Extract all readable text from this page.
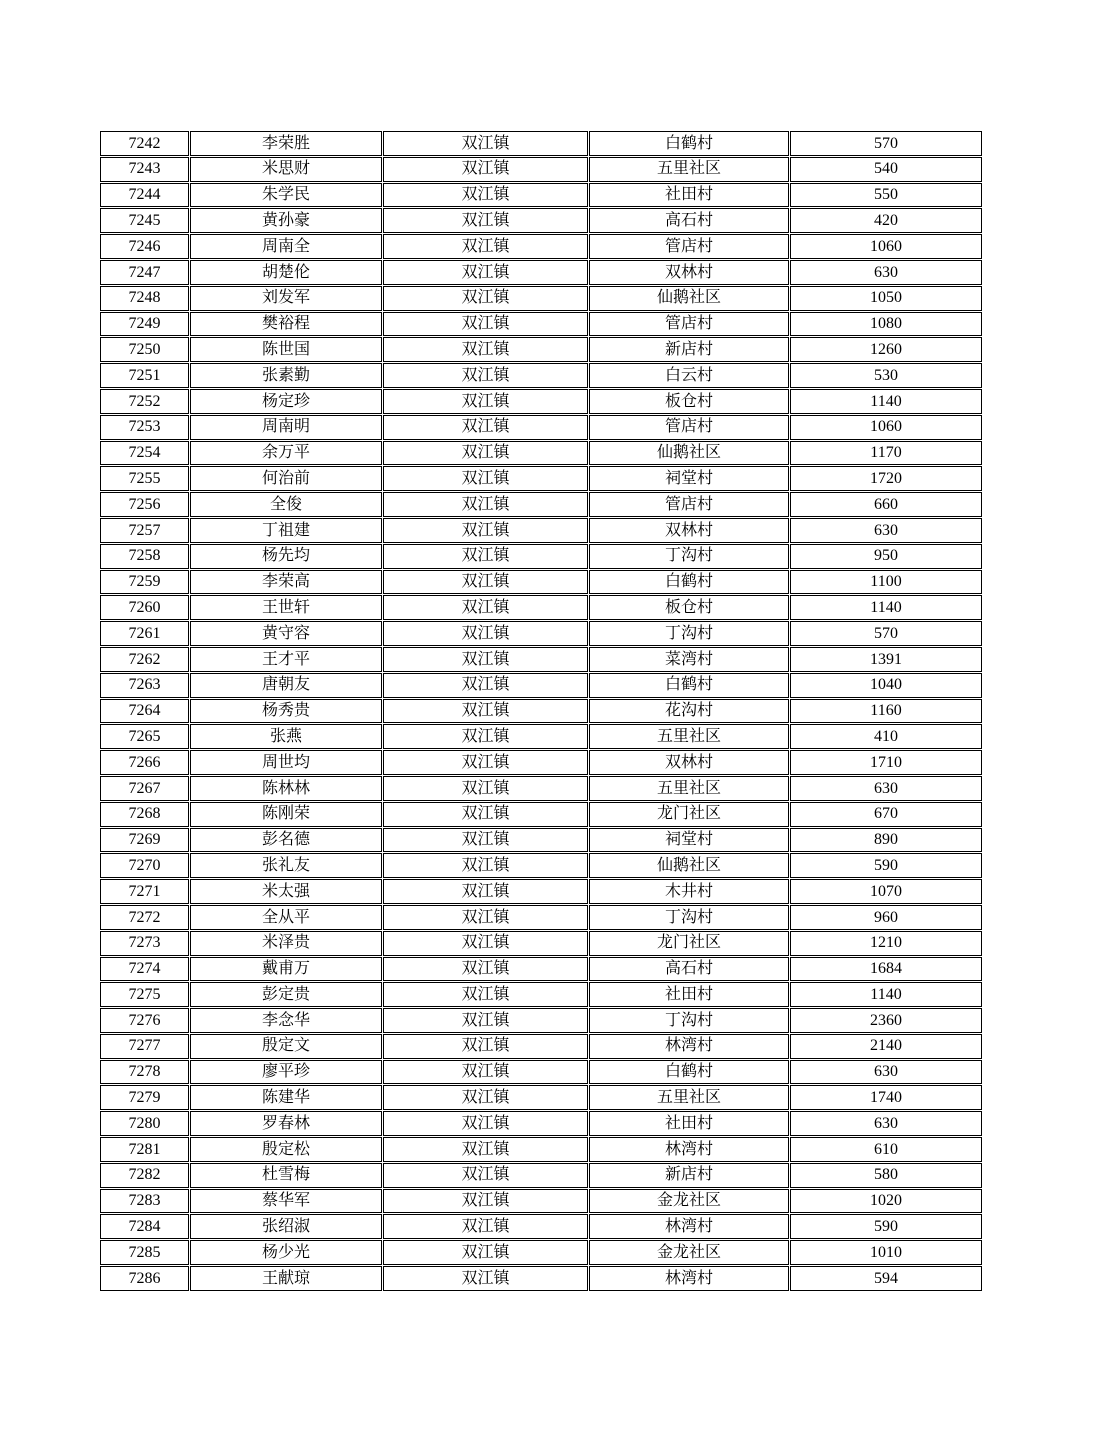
7242	李荣胜	双江镇	白鹤村	570
7243	米思财	双江镇	五里社区	540
7244	朱学民	双江镇	社田村	550
7245	黄孙豪	双江镇	高石村	420
7246	周南全	双江镇	管店村	1060
7247	胡楚伦	双江镇	双林村	630
7248	刘发军	双江镇	仙鹅社区	1050
7249	樊裕程	双江镇	管店村	1080
7250	陈世国	双江镇	新店村	1260
7251	张素勤	双江镇	白云村	530
7252	杨定珍	双江镇	板仓村	1140
7253	周南明	双江镇	管店村	1060
7254	余万平	双江镇	仙鹅社区	1170
7255	何治前	双江镇	祠堂村	1720
7256	全俊	双江镇	管店村	660
7257	丁祖建	双江镇	双林村	630
7258	杨先均	双江镇	丁沟村	950
7259	李荣高	双江镇	白鹤村	1100
7260	王世轩	双江镇	板仓村	1140
7261	黄守容	双江镇	丁沟村	570
7262	王才平	双江镇	菜湾村	1391
7263	唐朝友	双江镇	白鹤村	1040
7264	杨秀贵	双江镇	花沟村	1160
7265	张燕	双江镇	五里社区	410
7266	周世均	双江镇	双林村	1710
7267	陈林林	双江镇	五里社区	630
7268	陈刚荣	双江镇	龙门社区	670
7269	彭名德	双江镇	祠堂村	890
7270	张礼友	双江镇	仙鹅社区	590
7271	米太强	双江镇	木井村	1070
7272	全从平	双江镇	丁沟村	960
7273	米泽贵	双江镇	龙门社区	1210
7274	戴甫万	双江镇	高石村	1684
7275	彭定贵	双江镇	社田村	1140
7276	李念华	双江镇	丁沟村	2360
7277	殷定文	双江镇	林湾村	2140
7278	廖平珍	双江镇	白鹤村	630
7279	陈建华	双江镇	五里社区	1740
7280	罗春林	双江镇	社田村	630
7281	殷定松	双江镇	林湾村	610
7282	杜雪梅	双江镇	新店村	580
7283	蔡华军	双江镇	金龙社区	1020
7284	张绍淑	双江镇	林湾村	590
7285	杨少光	双江镇	金龙社区	1010
7286	王献琼	双江镇	林湾村	594
